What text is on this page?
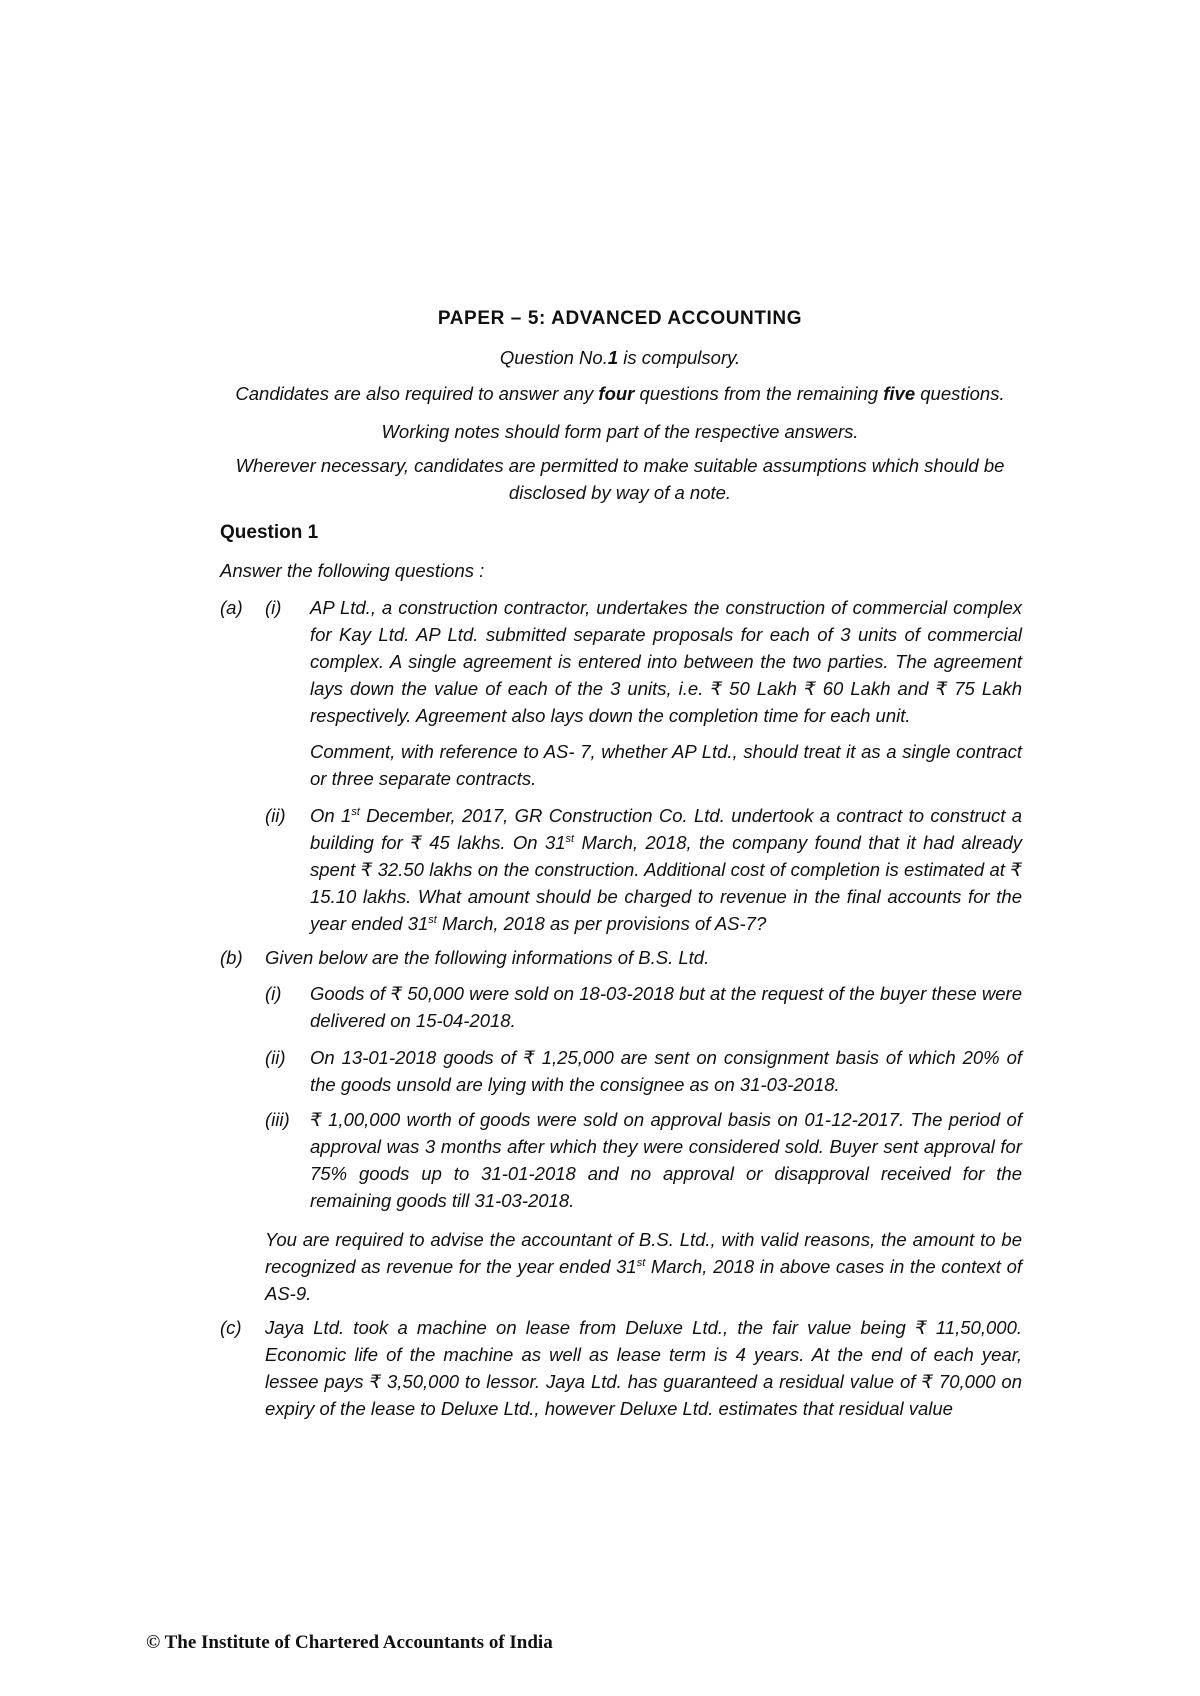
PAPER – 5: ADVANCED ACCOUNTING
Question No.1 is compulsory.
Candidates are also required to answer any four questions from the remaining five questions.
Working notes should form part of the respective answers.
Wherever necessary, candidates are permitted to make suitable assumptions which should be disclosed by way of a note.
Question 1
Answer the following questions :
(a) (i) AP Ltd., a construction contractor, undertakes the construction of commercial complex for Kay Ltd. AP Ltd. submitted separate proposals for each of 3 units of commercial complex. A single agreement is entered into between the two parties. The agreement lays down the value of each of the 3 units, i.e. ₹ 50 Lakh ₹ 60 Lakh and ₹ 75 Lakh respectively. Agreement also lays down the completion time for each unit.

Comment, with reference to AS- 7, whether AP Ltd., should treat it as a single contract or three separate contracts.

(ii) On 1st December, 2017, GR Construction Co. Ltd. undertook a contract to construct a building for ₹ 45 lakhs. On 31st March, 2018, the company found that it had already spent ₹ 32.50 lakhs on the construction. Additional cost of completion is estimated at ₹ 15.10 lakhs. What amount should be charged to revenue in the final accounts for the year ended 31st March, 2018 as per provisions of AS-7?

(b) Given below are the following informations of B.S. Ltd.

(i) Goods of ₹ 50,000 were sold on 18-03-2018 but at the request of the buyer these were delivered on 15-04-2018.

(ii) On 13-01-2018 goods of ₹ 1,25,000 are sent on consignment basis of which 20% of the goods unsold are lying with the consignee as on 31-03-2018.

(iii) ₹ 1,00,000 worth of goods were sold on approval basis on 01-12-2017. The period of approval was 3 months after which they were considered sold. Buyer sent approval for 75% goods up to 31-01-2018 and no approval or disapproval received for the remaining goods till 31-03-2018.

You are required to advise the accountant of B.S. Ltd., with valid reasons, the amount to be recognized as revenue for the year ended 31st March, 2018 in above cases in the context of AS-9.

(c) Jaya Ltd. took a machine on lease from Deluxe Ltd., the fair value being ₹ 11,50,000. Economic life of the machine as well as lease term is 4 years. At the end of each year, lessee pays ₹ 3,50,000 to lessor. Jaya Ltd. has guaranteed a residual value of ₹ 70,000 on expiry of the lease to Deluxe Ltd., however Deluxe Ltd. estimates that residual value

© The Institute of Chartered Accountants of India
